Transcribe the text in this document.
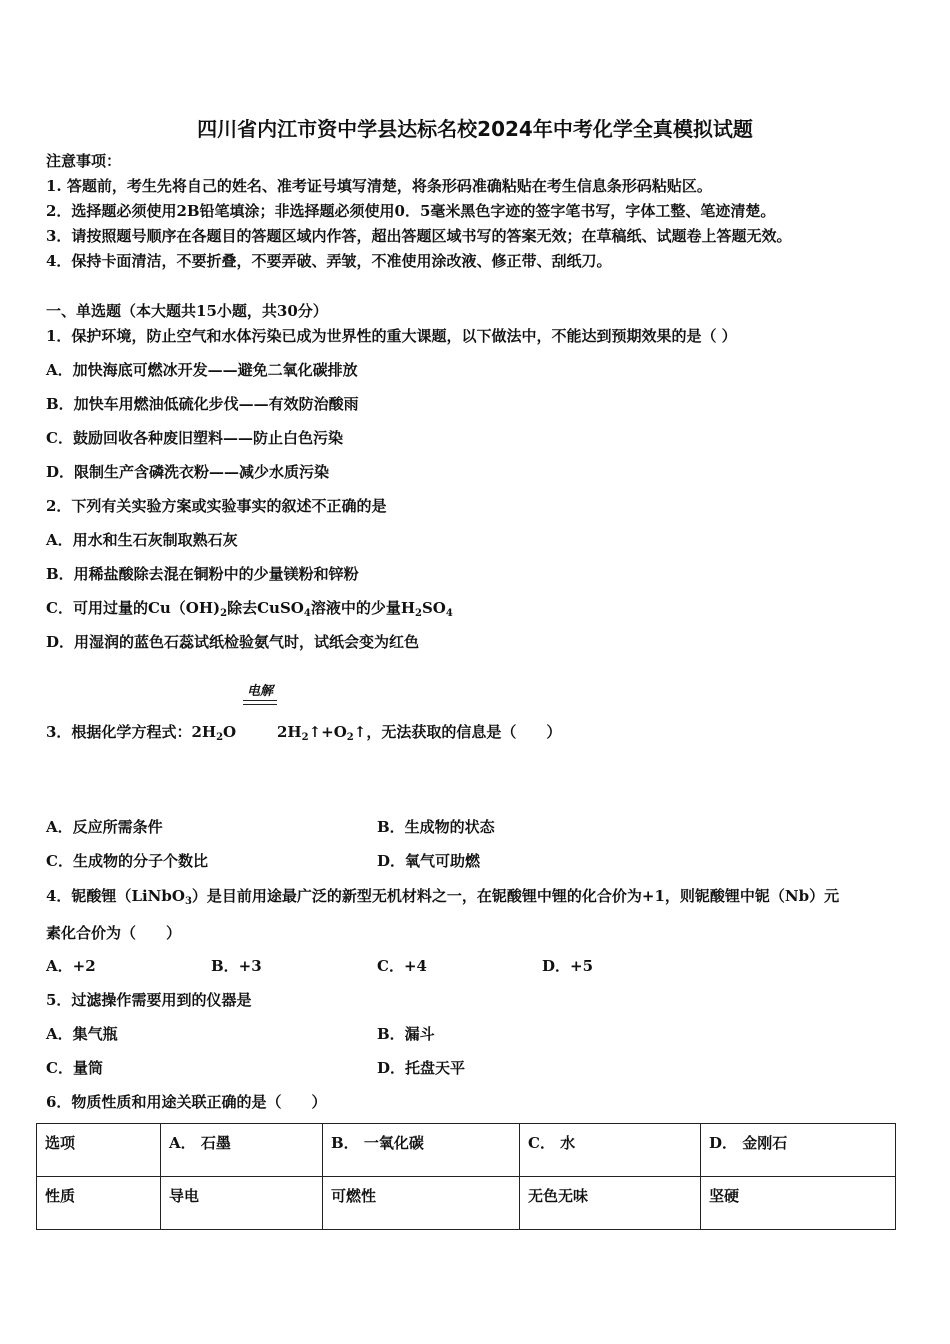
四川省内江市资中学县达标名校2024年中考化学全真模拟试题
注意事项：
1. 答题前，考生先将自己的姓名、准考证号填写清楚，将条形码准确粘贴在考生信息条形码粘贴区。
2．选择题必须使用2B铅笔填涂；非选择题必须使用0．5毫米黑色字迹的签字笔书写，字体工整、笔迹清楚。
3．请按照题号顺序在各题目的答题区域内作答，超出答题区域书写的答案无效；在草稿纸、试题卷上答题无效。
4．保持卡面清洁，不要折叠，不要弄破、弄皱，不准使用涂改液、修正带、刮纸刀。
一、单选题（本大题共15小题，共30分）
1．保护环境，防止空气和水体污染已成为世界性的重大课题，以下做法中，不能达到预期效果的是（ ）
A．加快海底可燃冰开发——避免二氧化碳排放
B．加快车用燃油低硫化步伐——有效防治酸雨
C．鼓励回收各种废旧塑料——防止白色污染
D．限制生产含磷洗衣粉——减少水质污染
2．下列有关实验方案或实验事实的叙述不正确的是
A．用水和生石灰制取熟石灰
B．用稀盐酸除去混在铜粉中的少量镁粉和锌粉
C．可用过量的$Cu(OH)_2$除去CuSO$_4$溶液中的少量$H_2SO_4$
D．用湿润的蓝色石蕊试纸检验氨气时，试纸会变为红色
电解
3．根据化学方程式：$2H_2O$	$2H_2↑+O_2↑$，无法获取的信息是（　　）
A．反应所需条件	B．生成物的状态
C．生成物的分子个数比	D．氧气可助燃
4．铌酸锂（LiNbO$_3$）是目前用途最广泛的新型无机材料之一，在铌酸锂中锂的化合价为+1，则铌酸锂中铌（Nb）元
素化合价为（　　）
A．+2	B．+3	C．+4	D．+5
5．过滤操作需要用到的仪器是
A．集气瓶	B．漏斗
C．量筒	D．托盘天平
6．物质性质和用途关联正确的是（　　）
选项	A． 石墨	B． 一氧化碳	C． 水	D． 金刚石
性质	导电	可燃性	无色无味	坚硬
